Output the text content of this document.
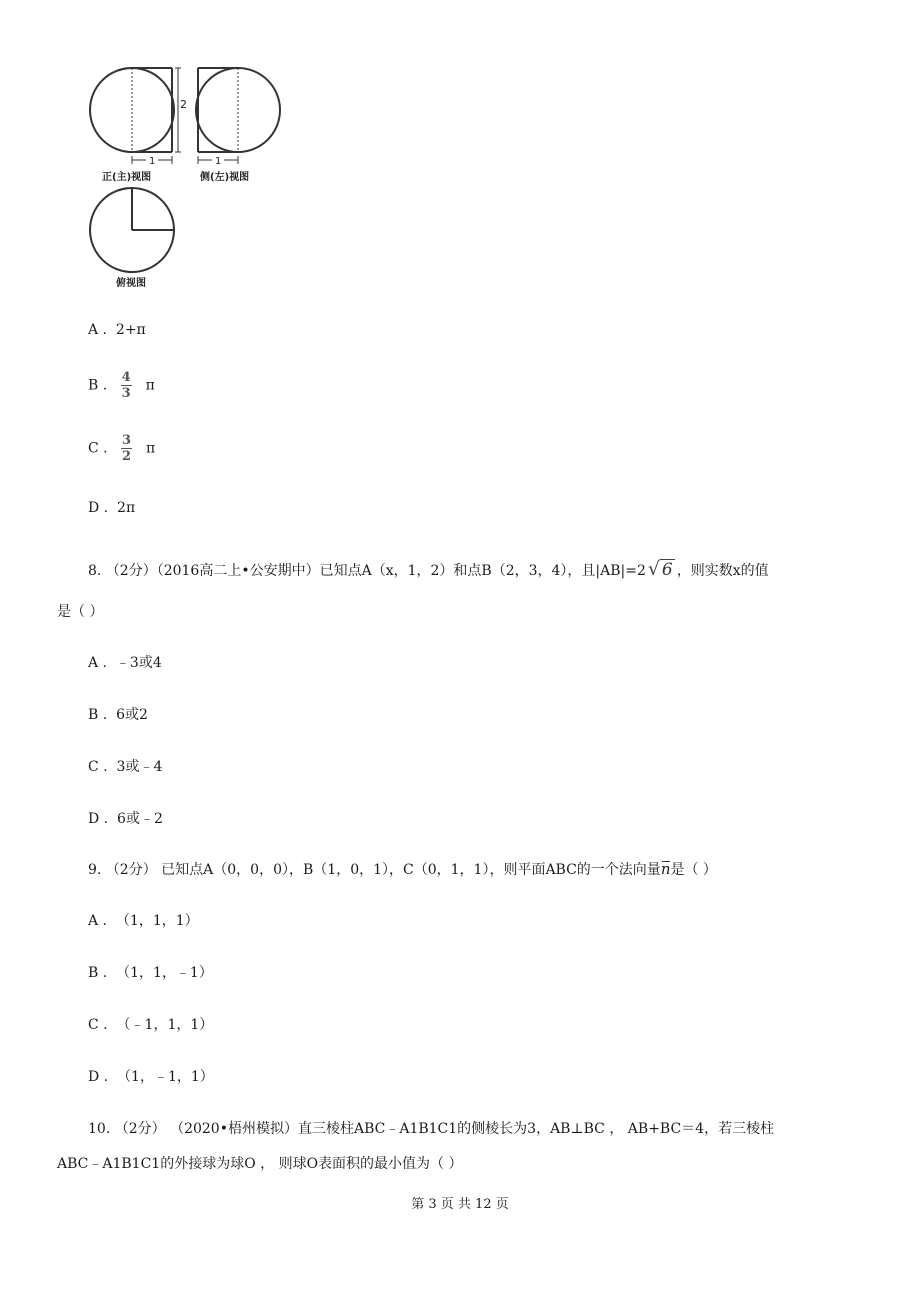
2
1	1
正(主)视图	侧(左)视图
俯视图
A . 2+π
B . $\frac{4}{3}$ π
C . $\frac{3}{2}$ π
D . 2π
8. （2分）（2016高二上•公安期中）已知点A（x，1，2）和点B（2，3，4），且|AB|=2√ 6 ，则实数x的值
是（ ）
A . ﹣3或4
B . 6或2
C . 3或﹣4
D . 6或﹣2
9. （2分） 已知点A（0，0，0），B（1，0，1），C（0，1，1），则平面ABC的一个法向量n是（ ）
A . （1，1，1）
B . （1，1，﹣1）
C . （﹣1，1，1）
D . （1，﹣1，1）
10. （2分） （2020•梧州模拟）直三棱柱ABC﹣A1B1C1的侧棱长为3，AB⊥BC ， AB+BC＝4，若三棱柱
ABC﹣A1B1C1的外接球为球O ， 则球O表面积的最小值为（ ）
第 3 页 共 12 页
